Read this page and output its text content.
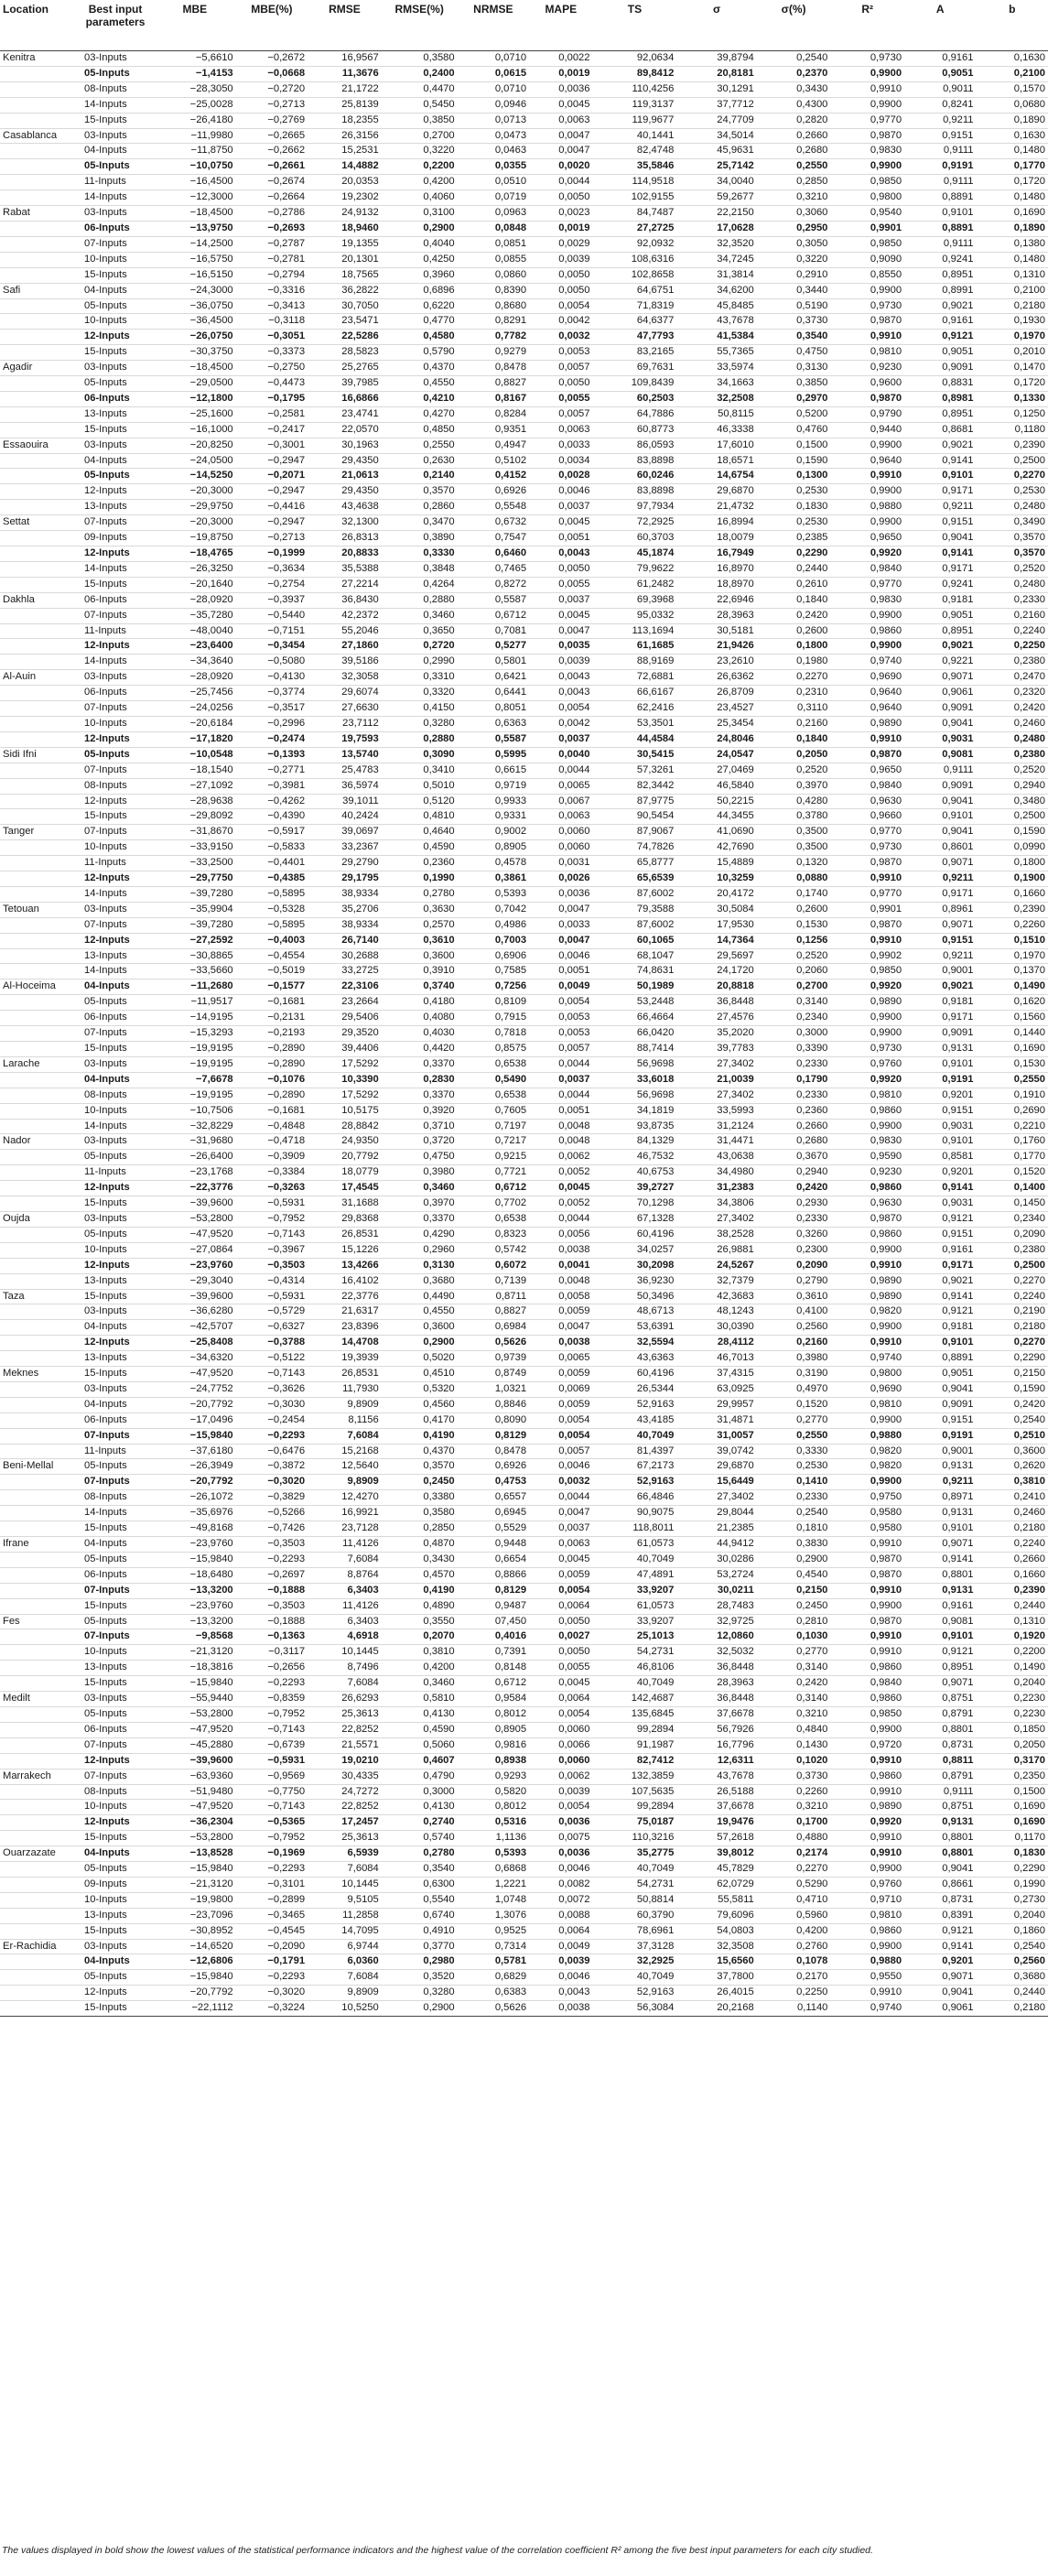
Location	Best input parameters	MBE	MBE(%)	RMSE	RMSE(%)	NRMSE	MAPE	TS	σ	σ(%)	R²	A	b
Kenitra	03-Inputs	−5,6610	−0,2672	16,9567	0,3580	0,0710	0,0022	92,0634	39,8794	0,2540	0,9730	0,9161	0,1630
	05-Inputs	−1,4153	−0,0668	11,3676	0,2400	0,0615	0,0019	89,8412	20,8181	0,2370	0,9900	0,9051	0,2100
	08-Inputs	−28,3050	−0,2720	21,1722	0,4470	0,0710	0,0036	110,4256	30,1291	0,3430	0,9910	0,9011	0,1570
	14-Inputs	−25,0028	−0,2713	25,8139	0,5450	0,0946	0,0045	119,3137	37,7712	0,4300	0,9900	0,8241	0,0680
	15-Inputs	−26,4180	−0,2769	18,2355	0,3850	0,0713	0,0063	119,9677	24,7709	0,2820	0,9770	0,9211	0,1890
Casablanca	03-Inputs	−11,9980	−0,2665	26,3156	0,2700	0,0473	0,0047	40,1441	34,5014	0,2660	0,9870	0,9151	0,1630
	04-Inputs	−11,8750	−0,2662	15,2531	0,3220	0,0463	0,0047	82,4748	45,9631	0,2680	0,9830	0,9111	0,1480
	05-Inputs	−10,0750	−0,2661	14,4882	0,2200	0,0355	0,0020	35,5846	25,7142	0,2550	0,9900	0,9191	0,1770
	11-Inputs	−16,4500	−0,2674	20,0353	0,4200	0,0510	0,0044	114,9518	34,0040	0,2850	0,9850	0,9111	0,1720
	14-Inputs	−12,3000	−0,2664	19,2302	0,4060	0,0719	0,0050	102,9155	59,2677	0,3210	0,9800	0,8891	0,1480
Rabat	03-Inputs	−18,4500	−0,2786	24,9132	0,3100	0,0963	0,0023	84,7487	22,2150	0,3060	0,9540	0,9101	0,1690
	06-Inputs	−13,9750	−0,2693	18,9460	0,2900	0,0848	0,0019	27,2725	17,0628	0,2950	0,9901	0,8891	0,1890
	07-Inputs	−14,2500	−0,2787	19,1355	0,4040	0,0851	0,0029	92,0932	32,3520	0,3050	0,9850	0,9111	0,1380
	10-Inputs	−16,5750	−0,2781	20,1301	0,4250	0,0855	0,0039	108,6316	34,7245	0,3220	0,9090	0,9241	0,1480
	15-Inputs	−16,5150	−0,2794	18,7565	0,3960	0,0860	0,0050	102,8658	31,3814	0,2910	0,8550	0,8951	0,1310
Safi	04-Inputs	−24,3000	−0,3316	36,2822	0,6896	0,8390	0,0050	64,6751	34,6200	0,3440	0,9900	0,8991	0,2100
	05-Inputs	−36,0750	−0,3413	30,7050	0,6220	0,8680	0,0054	71,8319	45,8485	0,5190	0,9730	0,9021	0,2180
	10-Inputs	−36,4500	−0,3118	23,5471	0,4770	0,8291	0,0042	64,6377	43,7678	0,3730	0,9870	0,9161	0,1930
	12-Inputs	−26,0750	−0,3051	22,5286	0,4580	0,7782	0,0032	47,7793	41,5384	0,3540	0,9910	0,9121	0,1970
	15-Inputs	−30,3750	−0,3373	28,5823	0,5790	0,9279	0,0053	83,2165	55,7365	0,4750	0,9810	0,9051	0,2010
Agadir	03-Inputs	−18,4500	−0,2750	25,2765	0,4370	0,8478	0,0057	69,7631	33,5974	0,3130	0,9230	0,9091	0,1470
	05-Inputs	−29,0500	−0,4473	39,7985	0,4550	0,8827	0,0050	109,8439	34,1663	0,3850	0,9600	0,8831	0,1720
	06-Inputs	−12,1800	−0,1795	16,6866	0,4210	0,8167	0,0055	60,2503	32,2508	0,2970	0,9870	0,8981	0,1330
	13-Inputs	−25,1600	−0,2581	23,4741	0,4270	0,8284	0,0057	64,7886	50,8115	0,5200	0,9790	0,8951	0,1250
	15-Inputs	−16,1000	−0,2417	22,0570	0,4850	0,9351	0,0063	60,8773	46,3338	0,4760	0,9440	0,8681	0,1180
Essaouira	03-Inputs	−20,8250	−0,3001	30,1963	0,2550	0,4947	0,0033	86,0593	17,6010	0,1500	0,9900	0,9021	0,2390
	04-Inputs	−24,0500	−0,2947	29,4350	0,2630	0,5102	0,0034	83,8898	18,6571	0,1590	0,9640	0,9141	0,2500
	05-Inputs	−14,5250	−0,2071	21,0613	0,2140	0,4152	0,0028	60,0246	14,6754	0,1300	0,9910	0,9101	0,2270
	12-Inputs	−20,3000	−0,2947	29,4350	0,3570	0,6926	0,0046	83,8898	29,6870	0,2530	0,9900	0,9171	0,2530
	13-Inputs	−29,9750	−0,4416	43,4638	0,2860	0,5548	0,0037	97,7934	21,4732	0,1830	0,9880	0,9211	0,2480
Settat	07-Inputs	−20,3000	−0,2947	32,1300	0,3470	0,6732	0,0045	72,2925	16,8994	0,2530	0,9900	0,9151	0,3490
	09-Inputs	−19,8750	−0,2713	26,8313	0,3890	0,7547	0,0051	60,3703	18,0079	0,2385	0,9650	0,9041	0,3570
	12-Inputs	−18,4765	−0,1999	20,8833	0,3330	0,6460	0,0043	45,1874	16,7949	0,2290	0,9920	0,9141	0,3570
	14-Inputs	−26,3250	−0,3634	35,5388	0,3848	0,7465	0,0050	79,9622	16,8970	0,2440	0,9840	0,9171	0,2520
	15-Inputs	−20,1640	−0,2754	27,2214	0,4264	0,8272	0,0055	61,2482	18,8970	0,2610	0,9770	0,9241	0,2480
Dakhla	06-Inputs	−28,0920	−0,3937	36,8430	0,2880	0,5587	0,0037	69,3968	22,6946	0,1840	0,9830	0,9181	0,2330
	07-Inputs	−35,7280	−0,5440	42,2372	0,3460	0,6712	0,0045	95,0332	28,3963	0,2420	0,9900	0,9051	0,2160
	11-Inputs	−48,0040	−0,7151	55,2046	0,3650	0,7081	0,0047	113,1694	30,5181	0,2600	0,9860	0,8951	0,2240
	12-Inputs	−23,6400	−0,3454	27,1860	0,2720	0,5277	0,0035	61,1685	21,9426	0,1800	0,9900	0,9021	0,2250
	14-Inputs	−34,3640	−0,5080	39,5186	0,2990	0,5801	0,0039	88,9169	23,2610	0,1980	0,9740	0,9221	0,2380
Al-Auin	03-Inputs	−28,0920	−0,4130	32,3058	0,3310	0,6421	0,0043	72,6881	26,6362	0,2270	0,9690	0,9071	0,2470
	06-Inputs	−25,7456	−0,3774	29,6074	0,3320	0,6441	0,0043	66,6167	26,8709	0,2310	0,9640	0,9061	0,2320
	07-Inputs	−24,0256	−0,3517	27,6630	0,4150	0,8051	0,0054	62,2416	23,4527	0,3110	0,9640	0,9091	0,2420
	10-Inputs	−20,6184	−0,2996	23,7112	0,3280	0,6363	0,0042	53,3501	25,3454	0,2160	0,9890	0,9041	0,2460
	12-Inputs	−17,1820	−0,2474	19,7593	0,2880	0,5587	0,0037	44,4584	24,8046	0,1840	0,9910	0,9031	0,2480
Sidi Ifni	05-Inputs	−10,0548	−0,1393	13,5740	0,3090	0,5995	0,0040	30,5415	24,0547	0,2050	0,9870	0,9081	0,2380
	07-Inputs	−18,1540	−0,2771	25,4783	0,3410	0,6615	0,0044	57,3261	27,0469	0,2520	0,9650	0,9111	0,2520
	08-Inputs	−27,1092	−0,3981	36,5974	0,5010	0,9719	0,0065	82,3442	46,5840	0,3970	0,9840	0,9091	0,2940
	12-Inputs	−28,9638	−0,4262	39,1011	0,5120	0,9933	0,0067	87,9775	50,2215	0,4280	0,9630	0,9041	0,3480
	15-Inputs	−29,8092	−0,4390	40,2424	0,4810	0,9331	0,0063	90,5454	44,3455	0,3780	0,9660	0,9101	0,2500
Tanger	07-Inputs	−31,8670	−0,5917	39,0697	0,4640	0,9002	0,0060	87,9067	41,0690	0,3500	0,9770	0,9041	0,1590
	10-Inputs	−33,9150	−0,5833	33,2367	0,4590	0,8905	0,0060	74,7826	42,7690	0,3500	0,9730	0,8601	0,0990
	11-Inputs	−33,2500	−0,4401	29,2790	0,2360	0,4578	0,0031	65,8777	15,4889	0,1320	0,9870	0,9071	0,1800
	12-Inputs	−29,7750	−0,4385	29,1795	0,1990	0,3861	0,0026	65,6539	10,3259	0,0880	0,9910	0,9211	0,1900
	14-Inputs	−39,7280	−0,5895	38,9334	0,2780	0,5393	0,0036	87,6002	20,4172	0,1740	0,9770	0,9171	0,1660
Tetouan	03-Inputs	−35,9904	−0,5328	35,2706	0,3630	0,7042	0,0047	79,3588	30,5084	0,2600	0,9901	0,8961	0,2390
	07-Inputs	−39,7280	−0,5895	38,9334	0,2570	0,4986	0,0033	87,6002	17,9530	0,1530	0,9870	0,9071	0,2260
	12-Inputs	−27,2592	−0,4003	26,7140	0,3610	0,7003	0,0047	60,1065	14,7364	0,1256	0,9910	0,9151	0,1510
	13-Inputs	−30,8865	−0,4554	30,2688	0,3600	0,6906	0,0046	68,1047	29,5697	0,2520	0,9902	0,9211	0,1970
	14-Inputs	−33,5660	−0,5019	33,2725	0,3910	0,7585	0,0051	74,8631	24,1720	0,2060	0,9850	0,9001	0,1370
Al-Hoceima	04-Inputs	−11,2680	−0,1577	22,3106	0,3740	0,7256	0,0049	50,1989	20,8818	0,2700	0,9920	0,9021	0,1490
	05-Inputs	−11,9517	−0,1681	23,2664	0,4180	0,8109	0,0054	53,2448	36,8448	0,3140	0,9890	0,9181	0,1620
	06-Inputs	−14,9195	−0,2131	29,5406	0,4080	0,7915	0,0053	66,4664	27,4576	0,2340	0,9900	0,9171	0,1560
	07-Inputs	−15,3293	−0,2193	29,3520	0,4030	0,7818	0,0053	66,0420	35,2020	0,3000	0,9900	0,9091	0,1440
	15-Inputs	−19,9195	−0,2890	39,4406	0,4420	0,8575	0,0057	88,7414	39,7783	0,3390	0,9730	0,9131	0,1690
Larache	03-Inputs	−19,9195	−0,2890	17,5292	0,3370	0,6538	0,0044	56,9698	27,3402	0,2330	0,9760	0,9101	0,1530
	04-Inputs	−7,6678	−0,1076	10,3390	0,2830	0,5490	0,0037	33,6018	21,0039	0,1790	0,9920	0,9191	0,2550
	08-Inputs	−19,9195	−0,2890	17,5292	0,3370	0,6538	0,0044	56,9698	27,3402	0,2330	0,9810	0,9201	0,1910
	10-Inputs	−10,7506	−0,1681	10,5175	0,3920	0,7605	0,0051	34,1819	33,5993	0,2360	0,9860	0,9151	0,2690
	14-Inputs	−32,8229	−0,4848	28,8842	0,3710	0,7197	0,0048	93,8735	31,2124	0,2660	0,9900	0,9031	0,2210
Nador	03-Inputs	−31,9680	−0,4718	24,9350	0,3720	0,7217	0,0048	84,1329	31,4471	0,2680	0,9830	0,9101	0,1760
	05-Inputs	−26,6400	−0,3909	20,7792	0,4750	0,9215	0,0062	46,7532	43,0638	0,3670	0,9590	0,8581	0,1770
	11-Inputs	−23,1768	−0,3384	18,0779	0,3980	0,7721	0,0052	40,6753	34,4980	0,2940	0,9230	0,9201	0,1520
	12-Inputs	−22,3776	−0,3263	17,4545	0,3460	0,6712	0,0045	39,2727	31,2383	0,2420	0,9860	0,9141	0,1400
	15-Inputs	−39,9600	−0,5931	31,1688	0,3970	0,7702	0,0052	70,1298	34,3806	0,2930	0,9630	0,9031	0,1450
Oujda	03-Inputs	−53,2800	−0,7952	29,8368	0,3370	0,6538	0,0044	67,1328	27,3402	0,2330	0,9870	0,9121	0,2340
	05-Inputs	−47,9520	−0,7143	26,8531	0,4290	0,8323	0,0056	60,4196	38,2528	0,3260	0,9860	0,9151	0,2090
	10-Inputs	−27,0864	−0,3967	15,1226	0,2960	0,5742	0,0038	34,0257	26,9881	0,2300	0,9900	0,9161	0,2380
	12-Inputs	−23,9760	−0,3503	13,4266	0,3130	0,6072	0,0041	30,2098	24,5267	0,2090	0,9910	0,9171	0,2500
	13-Inputs	−29,3040	−0,4314	16,4102	0,3680	0,7139	0,0048	36,9230	32,7379	0,2790	0,9890	0,9021	0,2270
Taza	15-Inputs	−39,9600	−0,5931	22,3776	0,4490	0,8711	0,0058	50,3496	42,3683	0,3610	0,9890	0,9141	0,2240
	03-Inputs	−36,6280	−0,5729	21,6317	0,4550	0,8827	0,0059	48,6713	48,1243	0,4100	0,9820	0,9121	0,2190
	04-Inputs	−42,5707	−0,6327	23,8396	0,3600	0,6984	0,0047	53,6391	30,0390	0,2560	0,9900	0,9181	0,2180
	12-Inputs	−25,8408	−0,3788	14,4708	0,2900	0,5626	0,0038	32,5594	28,4112	0,2160	0,9910	0,9101	0,2270
	13-Inputs	−34,6320	−0,5122	19,3939	0,5020	0,9739	0,0065	43,6363	46,7013	0,3980	0,9740	0,8891	0,2290
Meknes	15-Inputs	−47,9520	−0,7143	26,8531	0,4510	0,8749	0,0059	60,4196	37,4315	0,3190	0,9800	0,9051	0,2150
	03-Inputs	−24,7752	−0,3626	11,7930	0,5320	1,0321	0,0069	26,5344	63,0925	0,4970	0,9690	0,9041	0,1590
	04-Inputs	−20,7792	−0,3030	9,8909	0,4560	0,8846	0,0059	52,9163	29,9957	0,1520	0,9810	0,9091	0,2420
	06-Inputs	−17,0496	−0,2454	8,1156	0,4170	0,8090	0,0054	43,4185	31,4871	0,2770	0,9900	0,9151	0,2540
	07-Inputs	−15,9840	−0,2293	7,6084	0,4190	0,8129	0,0054	40,7049	31,0057	0,2550	0,9880	0,9191	0,2510
	11-Inputs	−37,6180	−0,6476	15,2168	0,4370	0,8478	0,0057	81,4397	39,0742	0,3330	0,9820	0,9001	0,3600
Beni-Mellal	05-Inputs	−26,3949	−0,3872	12,5640	0,3570	0,6926	0,0046	67,2173	29,6870	0,2530	0,9820	0,9131	0,2620
	07-Inputs	−20,7792	−0,3020	9,8909	0,2450	0,4753	0,0032	52,9163	15,6449	0,1410	0,9900	0,9211	0,3810
	08-Inputs	−26,1072	−0,3829	12,4270	0,3380	0,6557	0,0044	66,4846	27,3402	0,2330	0,9750	0,8971	0,2410
	14-Inputs	−35,6976	−0,5266	16,9921	0,3580	0,6945	0,0047	90,9075	29,8044	0,2540	0,9580	0,9131	0,2460
	15-Inputs	−49,8168	−0,7426	23,7128	0,2850	0,5529	0,0037	118,8011	21,2385	0,1810	0,9580	0,9101	0,2180
Ifrane	04-Inputs	−23,9760	−0,3503	11,4126	0,4870	0,9448	0,0063	61,0573	44,9412	0,3830	0,9910	0,9071	0,2240
	05-Inputs	−15,9840	−0,2293	7,6084	0,3430	0,6654	0,0045	40,7049	30,0286	0,2900	0,9870	0,9141	0,2660
	06-Inputs	−18,6480	−0,2697	8,8764	0,4570	0,8866	0,0059	47,4891	53,2724	0,4540	0,9870	0,8801	0,1660
	07-Inputs	−13,3200	−0,1888	6,3403	0,4190	0,8129	0,0054	33,9207	30,0211	0,2150	0,9910	0,9131	0,2390
	15-Inputs	−23,9760	−0,3503	11,4126	0,4890	0,9487	0,0064	61,0573	28,7483	0,2450	0,9900	0,9161	0,2440
Fes	05-Inputs	−13,3200	−0,1888	6,3403	0,3550	07,450	0,0050	33,9207	32,9725	0,2810	0,9870	0,9081	0,1310
	07-Inputs	−9,8568	−0,1363	4,6918	0,2070	0,4016	0,0027	25,1013	12,0860	0,1030	0,9910	0,9101	0,1920
	10-Inputs	−21,3120	−0,3117	10,1445	0,3810	0,7391	0,0050	54,2731	32,5032	0,2770	0,9910	0,9121	0,2200
	13-Inputs	−18,3816	−0,2656	8,7496	0,4200	0,8148	0,0055	46,8106	36,8448	0,3140	0,9860	0,8951	0,1490
	15-Inputs	−15,9840	−0,2293	7,6084	0,3460	0,6712	0,0045	40,7049	28,3963	0,2420	0,9840	0,9071	0,2040
Medilt	03-Inputs	−55,9440	−0,8359	26,6293	0,5810	0,9584	0,0064	142,4687	36,8448	0,3140	0,9860	0,8751	0,2230
	05-Inputs	−53,2800	−0,7952	25,3613	0,4130	0,8012	0,0054	135,6845	37,6678	0,3210	0,9850	0,8791	0,2230
	06-Inputs	−47,9520	−0,7143	22,8252	0,4590	0,8905	0,0060	99,2894	56,7926	0,4840	0,9900	0,8801	0,1850
	07-Inputs	−45,2880	−0,6739	21,5571	0,5060	0,9816	0,0066	91,1987	16,7796	0,1430	0,9720	0,8731	0,2050
	12-Inputs	−39,9600	−0,5931	19,0210	0,4607	0,8938	0,0060	82,7412	12,6311	0,1020	0,9910	0,8811	0,3170
Marrakech	07-Inputs	−63,9360	−0,9569	30,4335	0,4790	0,9293	0,0062	132,3859	43,7678	0,3730	0,9860	0,8791	0,2350
	08-Inputs	−51,9480	−0,7750	24,7272	0,3000	0,5820	0,0039	107,5635	26,5188	0,2260	0,9910	0,9111	0,1500
	10-Inputs	−47,9520	−0,7143	22,8252	0,4130	0,8012	0,0054	99,2894	37,6678	0,3210	0,9890	0,8751	0,1690
	12-Inputs	−36,2304	−0,5365	17,2457	0,2740	0,5316	0,0036	75,0187	19,9476	0,1700	0,9920	0,9131	0,1690
	15-Inputs	−53,2800	−0,7952	25,3613	0,5740	1,1136	0,0075	110,3216	57,2618	0,4880	0,9910	0,8801	0,1170
Ouarzazate	04-Inputs	−13,8528	−0,1969	6,5939	0,2780	0,5393	0,0036	35,2775	39,8012	0,2174	0,9910	0,8801	0,1830
	05-Inputs	−15,9840	−0,2293	7,6084	0,3540	0,6868	0,0046	40,7049	45,7829	0,2270	0,9900	0,9041	0,2290
	09-Inputs	−21,3120	−0,3101	10,1445	0,6300	1,2221	0,0082	54,2731	62,0729	0,5290	0,9760	0,8661	0,1990
	10-Inputs	−19,9800	−0,2899	9,5105	0,5540	1,0748	0,0072	50,8814	55,5811	0,4710	0,9710	0,8731	0,2730
	13-Inputs	−23,7096	−0,3465	11,2858	0,6740	1,3076	0,0088	60,3790	79,6096	0,5960	0,9810	0,8391	0,2040
	15-Inputs	−30,8952	−0,4545	14,7095	0,4910	0,9525	0,0064	78,6961	54,0803	0,4200	0,9860	0,9121	0,1860
Er-Rachidia	03-Inputs	−14,6520	−0,2090	6,9744	0,3770	0,7314	0,0049	37,3128	32,3508	0,2760	0,9900	0,9141	0,2540
	04-Inputs	−12,6806	−0,1791	6,0360	0,2980	0,5781	0,0039	32,2925	15,6560	0,1078	0,9880	0,9201	0,2560
	05-Inputs	−15,9840	−0,2293	7,6084	0,3520	0,6829	0,0046	40,7049	37,7800	0,2170	0,9550	0,9071	0,3680
	12-Inputs	−20,7792	−0,3020	9,8909	0,3280	0,6383	0,0043	52,9163	26,4015	0,2250	0,9910	0,9041	0,2440
	15-Inputs	−22,1112	−0,3224	10,5250	0,2900	0,5626	0,0038	56,3084	20,2168	0,1140	0,9740	0,9061	0,2180
The values displayed in bold show the lowest values of the statistical performance indicators and the highest value of the correlation coefficient R² among the five best input parameters for each city studied.
